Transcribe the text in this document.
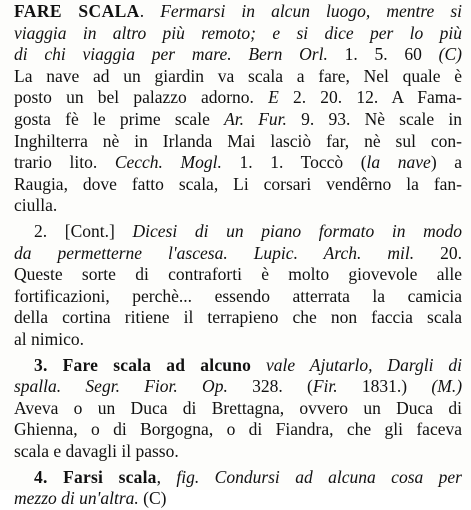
FARE SCALA. Fermarsi in alcun luogo, mentre si
viaggia in altro più remoto; e si dice per lo più
di chi viaggia per mare. Bern Orl. 1. 5. 60 (C)
La nave ad un giardin va scala a fare, Nel quale è
posto un bel palazzo adorno. E 2. 20. 12. A Fama-
gosta fè le prime scale Ar. Fur. 9. 93. Nè scale in
Inghilterra nè in Irlanda Mai lasciò far, nè sul con-
trario lito. Cecch. Mogl. 1. 1. Toccò (la nave) a
Raugia, dove fatto scala, Li corsari vendêrno la fan-
ciulla.
2. [Cont.] Dicesi di un piano formato in modo
da permetterne l'ascesa. Lupic. Arch. mil. 20.
Queste sorte di contraforti è molto giovevole alle
fortificazioni, perchè... essendo atterrata la camicia
della cortina ritiene il terrapieno che non faccia scala
al nimico.
3. Fare scala ad alcuno vale Ajutarlo, Dargli di
spalla. Segr. Fior. Op. 328. (Fir. 1831.) (M.)
Aveva o un Duca di Brettagna, ovvero un Duca di
Ghienna, o di Borgogna, o di Fiandra, che gli faceva
scala e davagli il passo.
4. Farsi scala, fig. Condursi ad alcuna cosa per
mezzo di un'altra. (C)
